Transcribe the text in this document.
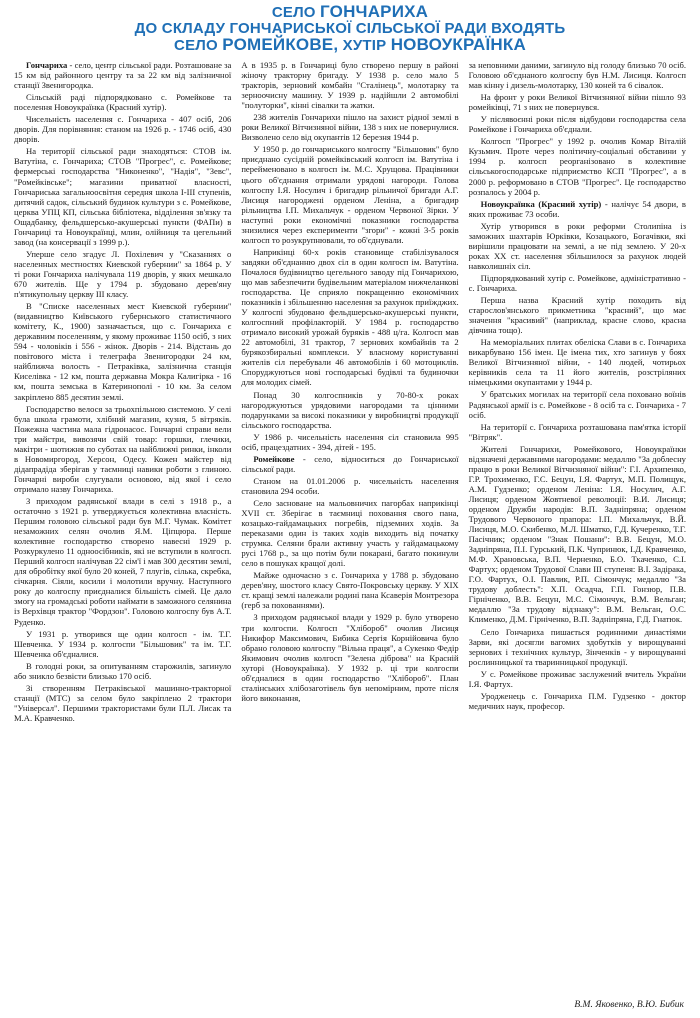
СЕЛО ГОНЧАРИХА
ДО СКЛАДУ ГОНЧАРИСЬКОЇ СІЛЬСЬКОЇ РАДИ ВХОДЯТЬ
СЕЛО РОМЕЙКОВЕ, ХУТІР НОВОУКРАЇНКА

Гончариха - село, центр сільської ради. Розташоване за 15 км від районного центру та за 22 км від залізничної станції Звенигородка.

Сільській раді підпорядковано с. Ромейкове та поселення Новоукраїнка (Красний хутір).

Чисельність населення с. Гончариха - 407 осіб, 206 дворів. Для порівняння: станом на 1926 р. - 1746 осіб, 430 дворів.

На території сільської ради знаходяться: СТОВ ім. Ватутіна, с. Гончариха; СТОВ "Прогрес", с. Ромейкове; фермерські господарства "Никоненко", "Надія", "Зевс", "Ромейківське"; магазини приватної власності, Гончариська загальноосвітня середня школа І-ІІІ ступенів, дитячий садок, сільський будинок культури з с. Ромейкове, церква УПЦ КП, сільська бібліотека, відділення зв'язку та Ощадбанку, фельдшерсько-акушерські пункти (ФАПи) в Гончариці та Новоукраїнці, млин, олійниця та цегельний завод (на консервації з 1999 р.).

Уперше село згадує Л. Похілевич у "Сказаннях о населенных местностях Киевской губернии" за 1864 р. У ті роки Гончариха налічувала 119 дворів, у яких мешкало 670 жителів. Ще у 1794 р. збудовано дерев'яну п'ятикупольну церкву ІІІ класу.

В "Списке населенных мест Киевской губернии" (видавництво Київського губернського статистичного комітету, К., 1900) зазначається, що с. Гончариха є державним поселенням, у якому проживає 1150 осіб, з них 594 - чоловіків і 556 - жінок. Дворів - 214. Відстань до повітового міста і телеграфа Звенигородки 24 км, найближча волость - Петраківка, залізнична станція Киселівка - 12 км, пошта державна Мокра Калигірка - 16 км, пошта земська в Катеринополі - 10 км. За селом закріплено 885 десятин землі.

Господарство велося за трьохпільною системою. У селі була школа грамоти, хлібний магазин, кузня, 5 вітряків. Пожежна частина мала гідронасос. Гончарні справи вели три майстри, вивозячи свій товар: горшки, глечики, макітри - шотижня по суботах на найближчі ринки, інколи в Новомиргород, Херсон, Одесу. Кожен майстер від дідапрадіда зберігав у таємниці навики роботи з глиною. Гончарні вироби слугували основою, від якої і село отримало назву Гончариха.

З приходом радянської влади в селі з 1918 р., а остаточно з 1921 р. утверджується колективна власність. Першим головою сільської ради був М.Г. Чумак. Комітет незаможних селян очолив Я.М. Ціпцюра. Перше колективне господарство створено навесні 1929 р. Розкуркулено 11 одноосібників, які не вступили в колгосп. Перший колгосп налічував 22 сім'ї і мав 300 десятин землі, для обробітку якої було 20 коней, 7 плугів, сілька, скребка, січкарня. Сіяли, косили і молотили вручну. Наступного року до колгоспу приєдналися більшість сімей. Це дало змогу на громадські роботи наймати в заможного селянина із Верхівця трактор "Фордзон". Головою колгоспу був А.Т. Руденко.

У 1931 р. утворився ще один колгосп - ім. Т.Г. Шевченка. У 1934 р. колгоспи "Більшовик" та ім. Т.Г. Шевченка об'єдналися.

В голодні роки, за опитуванням старожилів, загинуло або зникло безвісти близько 170 осіб.

Зі створенням Петраківської машинно-тракторної станції (МТС) за селом було закріплено 2 трактори "Універсал". Першими трактористами були П.Л. Лисак та М.А. Кравченко.

А в 1935 р. в Гончариці було створено першу в районі жіночу тракторну бригаду. У 1938 р. село мало 5 тракторів, зерновий комбайн "Сталінець", молотарку та зерноочисну машину. У 1939 р. надійшли 2 автомобілі "полуторки", кінні сівалки та жатки.

238 жителів Гончарихи пішло на захист рідної землі в роки Великої Вітчизняної війни, 138 з них не повернулися. Визволено село від окупантів 12 березня 1944 р.

У 1950 р. до гончариського колгоспу "Більшовик" було приєднано сусідній ромейківський колгосп ім. Ватутіна і перейменовано в колгосп ім. М.С. Хрущова. Працівники цього об'єднання отримали урядові нагороди. Голова колгоспу І.Я. Носулич і бригадир рільничої бригади А.Г. Лисиця нагороджені орденом Леніна, а бригадир рільництва І.П. Михальчук - орденом Червоної Зірки. У наступні роки економічні показники господарства знизилися через експерименти "згори" - кожні 3-5 років колгосп то розукрупнювали, то об'єднували.

Наприкінці 60-х років становище стабілізувалося завдяки об'єднанню двох сіл в один колгосп ім. Ватутіна. Почалося будівництво цегельного заводу під Гончарихою, що мав забезпечити будівельним матеріалом нижчеланкові господарства. Це сприяло покращенню економічних показників і збільшенню населення за рахунок приїжджих. У колгоспі збудовано фельдшерсько-акушерські пункти, колгоспний профілакторій. У 1984 р. господарство отримало високий урожай буряків - 488 ц/га. Колгосп мав 22 автомобілі, 31 трактор, 7 зернових комбайнів та 2 бурякозбиральні комплекси. У власному користуванні жителів сіл перебували 46 автомобілів і 60 мотоциклів. Споруджуються нові господарські будівлі та будиночки для молодих сімей.

Понад 30 колгоспників у 70-80-х роках нагороджуються урядовими нагородами та цінними подарунками за високі показники у виробництві продукції сільського господарства.

У 1986 р. чисельність населення сіл становила 995 осіб, працездатних - 394, дітей - 195.

Ромейкове - село, відноситься до Гончариської сільської ради.

Станом на 01.01.2006 р. чисельність населення становила 294 особи.

Село засноване на мальовничих пагорбах наприкінці XVII ст. Зберігає в таємниці поховання свого пана, козацько-гайдамацьких погребів, підземних ходів. За переказами один із таких ходів виходить від початку струмка. Селяни брали активну участь у гайдамацькому русі 1768 р., за що потім були покарані, багато покинули село в пошуках кращої долі.

Майже одночасно з с. Гончариха у 1788 р. збудовано дерев'яну, шостого класу Свято-Покровську церкву. У XIX ст. кращі землі належали родині пана Ксаверія Монтрезора (герб за похованнями).

З приходом радянської влади у 1929 р. було утворено три колгоспи. Колгосп "Хлібороб" очолив Лисиця Никифор Максимович, Бибика Сергія Корнійовича було обрано головою колгоспу "Вільна праця", а Сукенко Федір Якимович очолив колгосп "Зелена діброва" на Красній хуторі (Новоукраїнка). У 1932 р. ці три колгоспи об'єдналися в один господарство "Хлібороб". План сталінських хлібозаготівель був непомірним, проте після його виконання,

за неповними даними, загинуло від голоду близько 70 осіб. Головою об'єднаного колгоспу був Н.М. Лисиця. Колгосп мав кінну і дизель-молотарку, 130 коней та 6 сівалок.

На фронт у роки Великої Вітчизняної війни пішло 93 ромейківці, 71 з них не повернувся.

У післявоєнні роки після відбудови господарства села Ромейкове і Гончариха об'єднали.

Колгосп "Прогрес" у 1992 р. очолив Комар Віталій Кузьмич. Проте через політичну-соціальні обставини у 1994 р. колгосп реорганізовано в колективне сільськогосподарське підприємство КСП "Прогрес", а в 2000 р. реформовано в СТОВ "Прогрес". Це господарство розпалось у 2004 р.

Новоукраїнка (Красний хутір) - налічує 54 двори, в яких проживає 73 особи.

Хутір утворився в роки реформи Столипіна із заможних шахтарів Юрківки, Козацького, Богачівки, які вирішили працювати на землі, а не під землею. У 20-х роках XX ст. населення збільшилося за рахунок людей навколишніх сіл.

Підпорядкований хутір с. Ромейкове, адміністративно - с. Гончариха.

Перша назва Красний хутір походить від старослов'янського прикметника "красний", що має значення "красивий" (наприклад, красне слово, красна дівчина тощо).

На меморіальних плитах обеліска Слави в с. Гончариха викарбувано 156 імен. Це імена тих, хто загинув у боях Великої Вітчизняної війни, - 140 людей, чотирьох керівників села та 11 його жителів, розстріляних німецькими окупантами у 1944 р.

У братських могилах на території села поховано воїнів Радянської армії із с. Ромейкове - 8 осіб та с. Гончариха - 7 осіб.

На території с. Гончариха розташована пам'ятка історії "Вітряк".

Жителі Гончарихи, Ромейкового, Новоукраїнки відзначені державними нагородами: медаллю "За доблесну працю в роки Великої Вітчизняної війни": Г.І. Архипенко, Г.Р. Трохименко, Г.С. Бецун, І.Я. Фартух, М.П. Полищук, А.М. Гудзенко; орденом Леніна: І.Я. Носулич, А.Г. Лисиця; орденом Жовтневої революції: В.И. Лисиця; орденом Дружби народів: В.П. Задніпряна; орденом Трудового Червоного прапора: І.П. Михальчук, В.Й. Лисиця, М.О. Скибенко, М.Л. Шматко, Г.Д. Кучеренко, Т.Г. Пасічник; орденом "Знак Пошани": В.В. Бецун, М.О. Задніпряна, П.І. Гурський, П.К. Чупринюк, І.Д. Кравченко, М.Ф. Храновська, В.П. Черненко, Б.О. Ткаченко, С.І. Фартух; орденом Трудової Слави ІІІ ступеня: В.І. Задірака, Г.О. Фартух, О.І. Павлик, Р.П. Сімончук; медаллю "За трудову доблесть": Х.П. Осадча, Г.П. Гонзюр, П.В. Гірніченко, В.В. Бецун, М.С. Сімончук, В.М. Вельган; медаллю "За трудову відзнаку": В.М. Вельган, О.С. Клименко, Д.М. Гірніченко, В.П. Задніпряна, Г.Д. Гнатюк.

Село Гончариха пишається родинними династіями Зарви, які досягли вагомих здобутків у вирощуванні зернових і технічних культур, Зінченків - у вирощуванні рослинницької та тваринницької продукції.

У с. Ромейкове проживає заслужений вчитель України І.Я. Фартух.

Уродженець с. Гончариха П.М. Гудзенко - доктор медичних наук, професор.

В.М. Яковенко, В.Ю. Бибик
